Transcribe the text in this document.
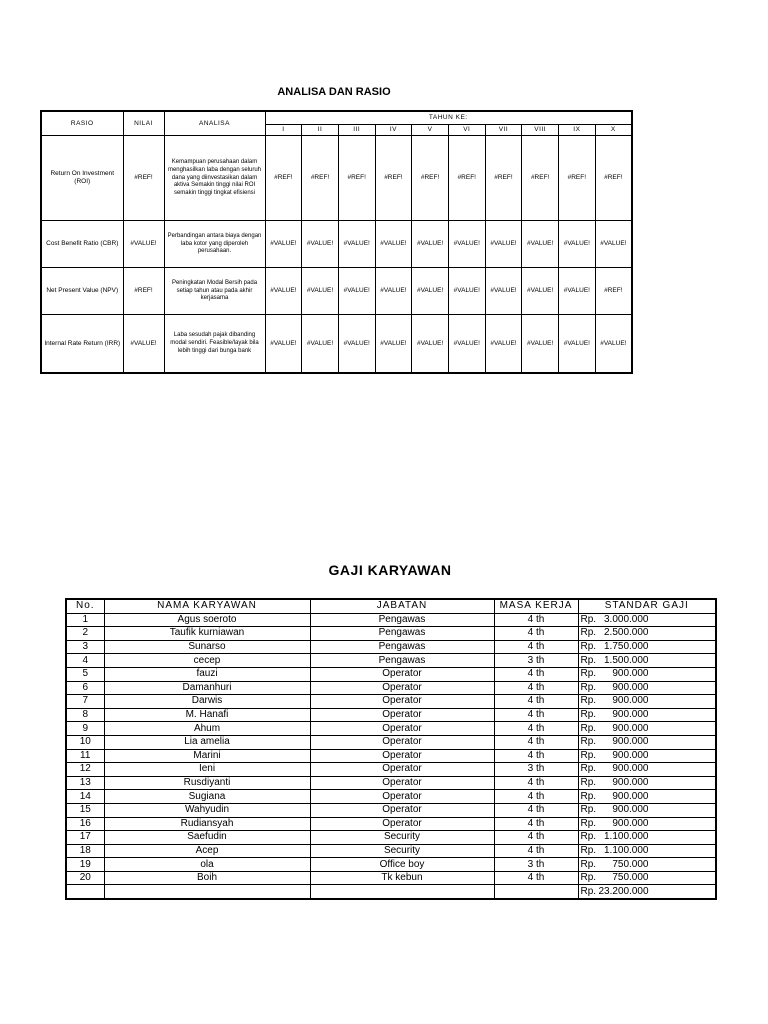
ANALISA DAN RASIO
RASIO	NILAI	ANALISA	TAHUN KE:									
			I	II	III	IV	V	VI	VII	VIII	IX	X
Return On Investment (ROI)	#REF!	Kemampuan perusahaan dalam menghasilkan laba dengan seluruh dana yang diinvestasikan dalam aktiva Semakin tinggi nilai ROI semakin tinggi tingkat efisiensi	#REF!	#REF!	#REF!	#REF!	#REF!	#REF!	#REF!	#REF!	#REF!	#REF!
Cost Benefit Ratio (CBR)	#VALUE!	Perbandingan antara biaya dengan laba kotor yang diperoleh perusahaan.	#VALUE!	#VALUE!	#VALUE!	#VALUE!	#VALUE!	#VALUE!	#VALUE!	#VALUE!	#VALUE!	#VALUE!
Net Present Value (NPV)	#REF!	Peningkatan Modal Bersih pada setiap tahun atau pada akhir kerjasama	#VALUE!	#VALUE!	#VALUE!	#VALUE!	#VALUE!	#VALUE!	#VALUE!	#VALUE!	#VALUE!	#REF!
Internal Rate Return (IRR)	#VALUE!	Laba sesudah pajak dibanding modal sendiri. Feasible/layak bila lebih tinggi dari bunga bank	#VALUE!	#VALUE!	#VALUE!	#VALUE!	#VALUE!	#VALUE!	#VALUE!	#VALUE!	#VALUE!	#VALUE!
GAJI KARYAWAN
No.	NAMA KARYAWAN	JABATAN	MASA KERJA	STANDAR GAJI
1	Agus soeroto	Pengawas	4 th	Rp. 3.000.000
2	Taufik kurniawan	Pengawas	4 th	Rp. 2.500.000
3	Sunarso	Pengawas	4 th	Rp. 1.750.000
4	cecep	Pengawas	3 th	Rp. 1.500.000
5	fauzi	Operator	4 th	Rp. 900.000
6	Damanhuri	Operator	4 th	Rp. 900.000
7	Darwis	Operator	4 th	Rp. 900.000
8	M. Hanafi	Operator	4 th	Rp. 900.000
9	Ahum	Operator	4 th	Rp. 900.000
10	Lia amelia	Operator	4 th	Rp. 900.000
11	Marini	Operator	4 th	Rp. 900.000
12	Ieni	Operator	3 th	Rp. 900.000
13	Rusdiyanti	Operator	4 th	Rp. 900.000
14	Sugiana	Operator	4 th	Rp. 900.000
15	Wahyudin	Operator	4 th	Rp. 900.000
16	Rudiansyah	Operator	4 th	Rp. 900.000
17	Saefudin	Security	4 th	Rp. 1.100.000
18	Acep	Security	4 th	Rp. 1.100.000
19	ola	Office boy	3 th	Rp. 750.000
20	Boih	Tk kebun	4 th	Rp. 750.000
				Rp. 23.200.000
